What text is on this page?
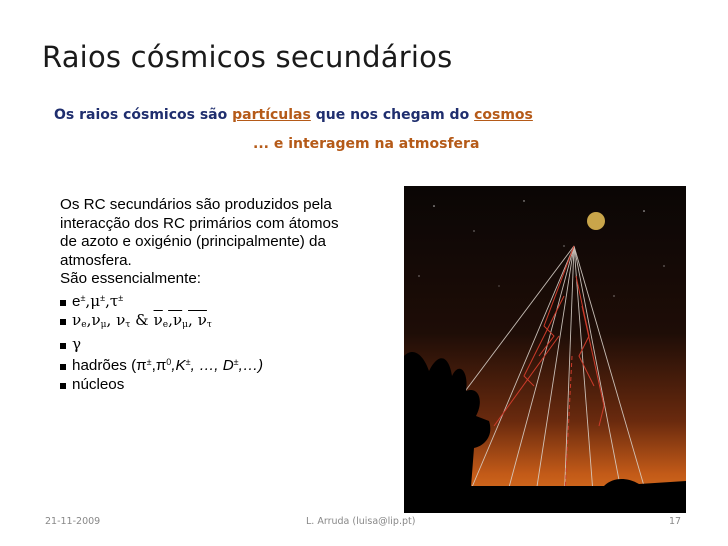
Raios cósmicos secundários
Os raios cósmicos são partículas que nos chegam do cosmos
... e interagem na atmosfera

Os RC secundários são produzidos pela

interacção dos RC primários com átomos

de azoto e oxigénio (principalmente) da

atmosfera.

São essencialmente:

e±,μ±,τ±
$\nu_e,\nu_\mu$, $\nu_\tau$ & $\overline{\nu}_e,\nu_\mu$, $\nu_\tau$
γ
hadrões ($\pi^\pm,\pi^0,K^\pm$, …, D±,…)
núcleos
21-11-2009	L. Arruda (luisa@lip.pt)	17
